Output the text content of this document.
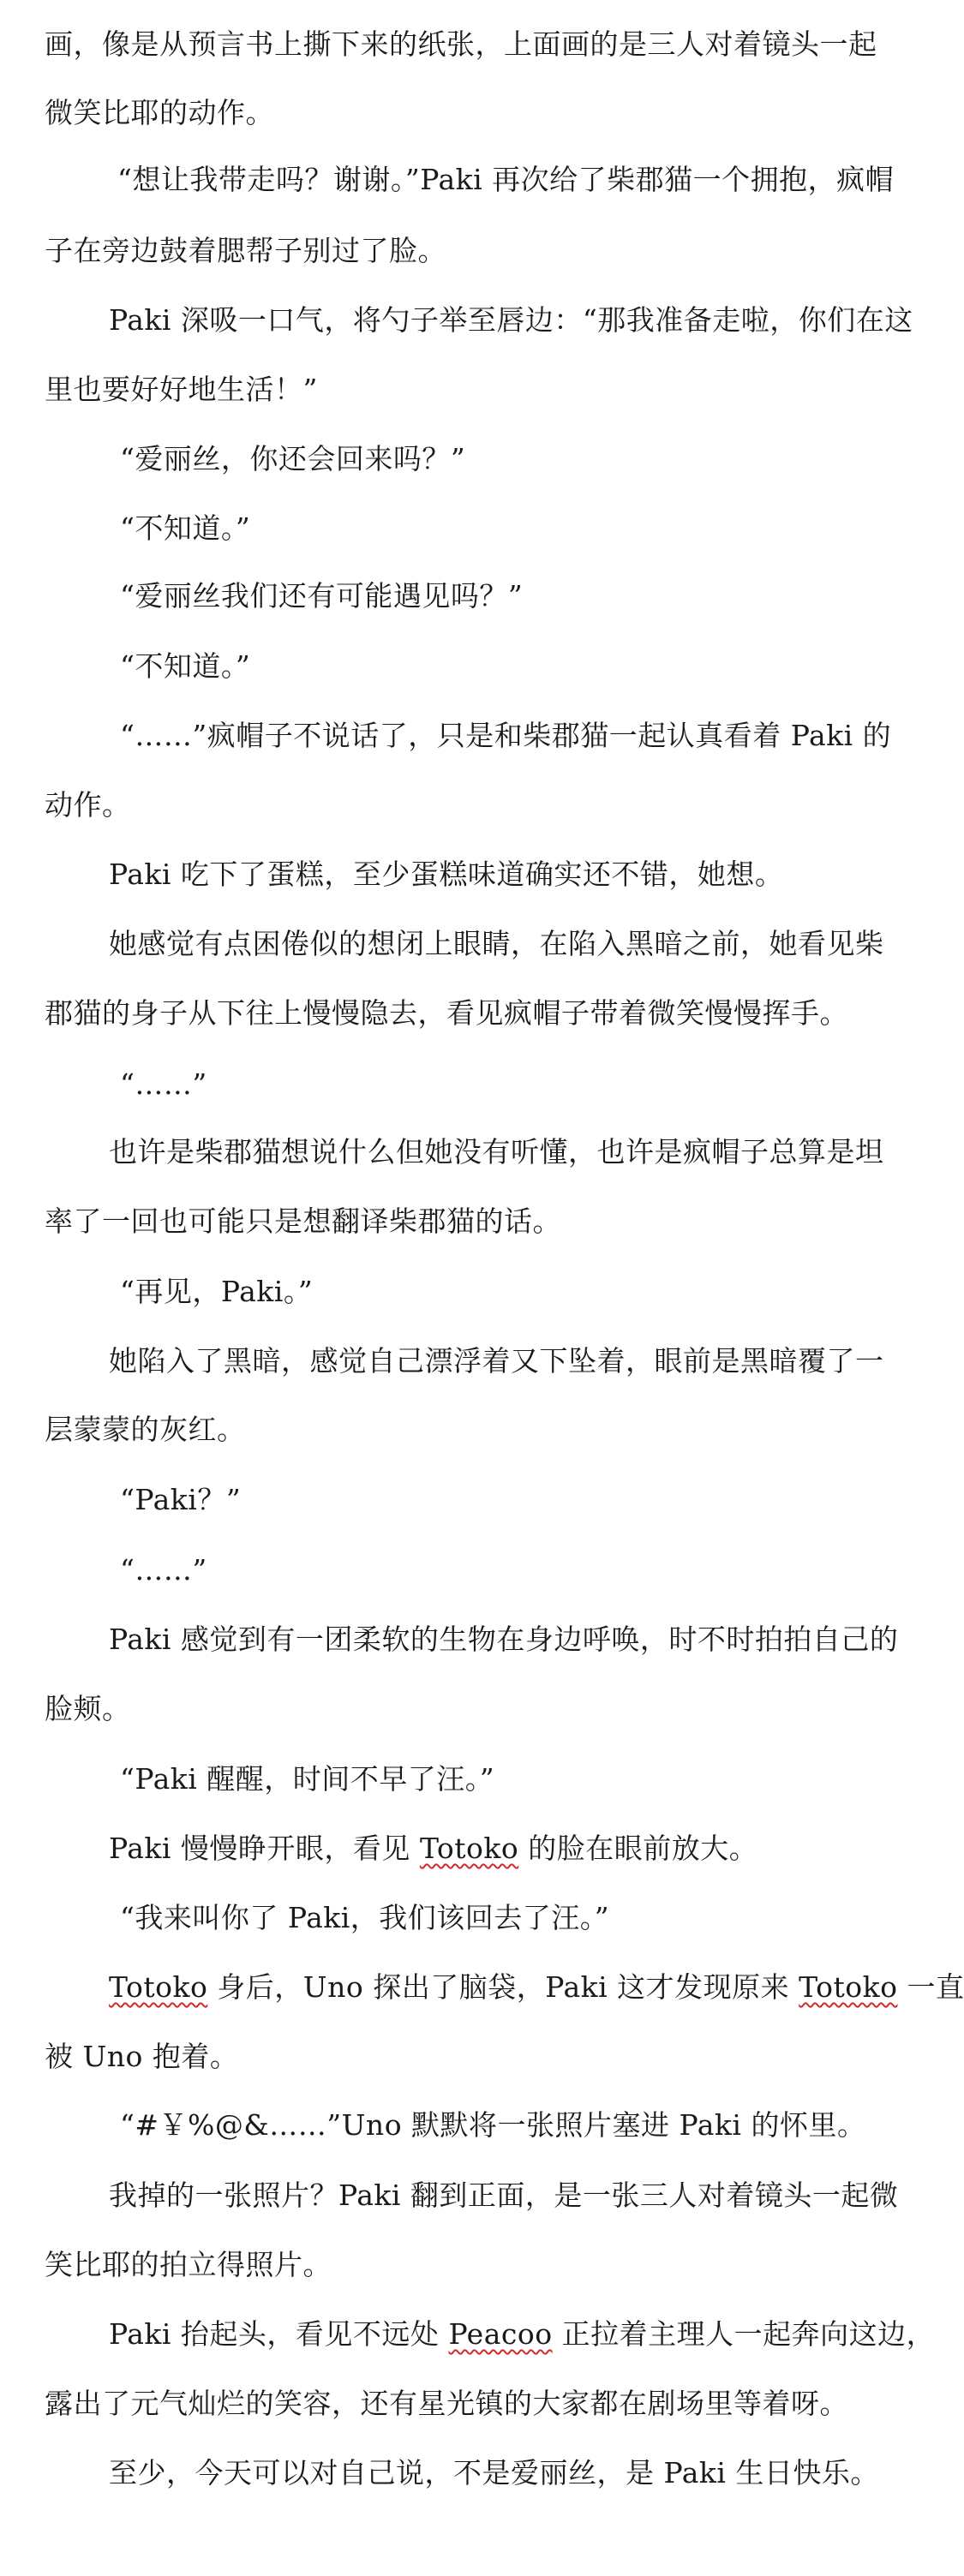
画，像是从预言书上撕下来的纸张，上面画的是三人对着镜头一起
微笑比耶的动作。
“想让我带走吗？谢谢。”Paki 再次给了柴郡猫一个拥抱，疯帽
子在旁边鼓着腮帮子别过了脸。
Paki 深吸一口气，将勺子举至唇边：“那我准备走啦，你们在这
里也要好好地生活！”
“爱丽丝，你还会回来吗？”
“不知道。”
“爱丽丝我们还有可能遇见吗？”
“不知道。”
“……”疯帽子不说话了，只是和柴郡猫一起认真看着 Paki 的
动作。
Paki 吃下了蛋糕，至少蛋糕味道确实还不错，她想。
她感觉有点困倦似的想闭上眼睛，在陷入黑暗之前，她看见柴
郡猫的身子从下往上慢慢隐去，看见疯帽子带着微笑慢慢挥手。
“……”
也许是柴郡猫想说什么但她没有听懂，也许是疯帽子总算是坦
率了一回也可能只是想翻译柴郡猫的话。
“再见，Paki。”
她陷入了黑暗，感觉自己漂浮着又下坠着，眼前是黑暗覆了一
层蒙蒙的灰红。
“Paki？”
“……”
Paki 感觉到有一团柔软的生物在身边呼唤，时不时拍拍自己的
脸颊。
“Paki 醒醒，时间不早了汪。”
Paki 慢慢睁开眼，看见 Totoko 的脸在眼前放大。
“我来叫你了 Paki，我们该回去了汪。”
Totoko 身后，Uno 探出了脑袋，Paki 这才发现原来 Totoko 一直
被 Uno 抱着。
“#￥%@&……”Uno 默默将一张照片塞进 Paki 的怀里。
我掉的一张照片？Paki 翻到正面，是一张三人对着镜头一起微
笑比耶的拍立得照片。
Paki 抬起头，看见不远处 Peacoo 正拉着主理人一起奔向这边，
露出了元气灿烂的笑容，还有星光镇的大家都在剧场里等着呀。
至少，今天可以对自己说，不是爱丽丝，是 Paki 生日快乐。
